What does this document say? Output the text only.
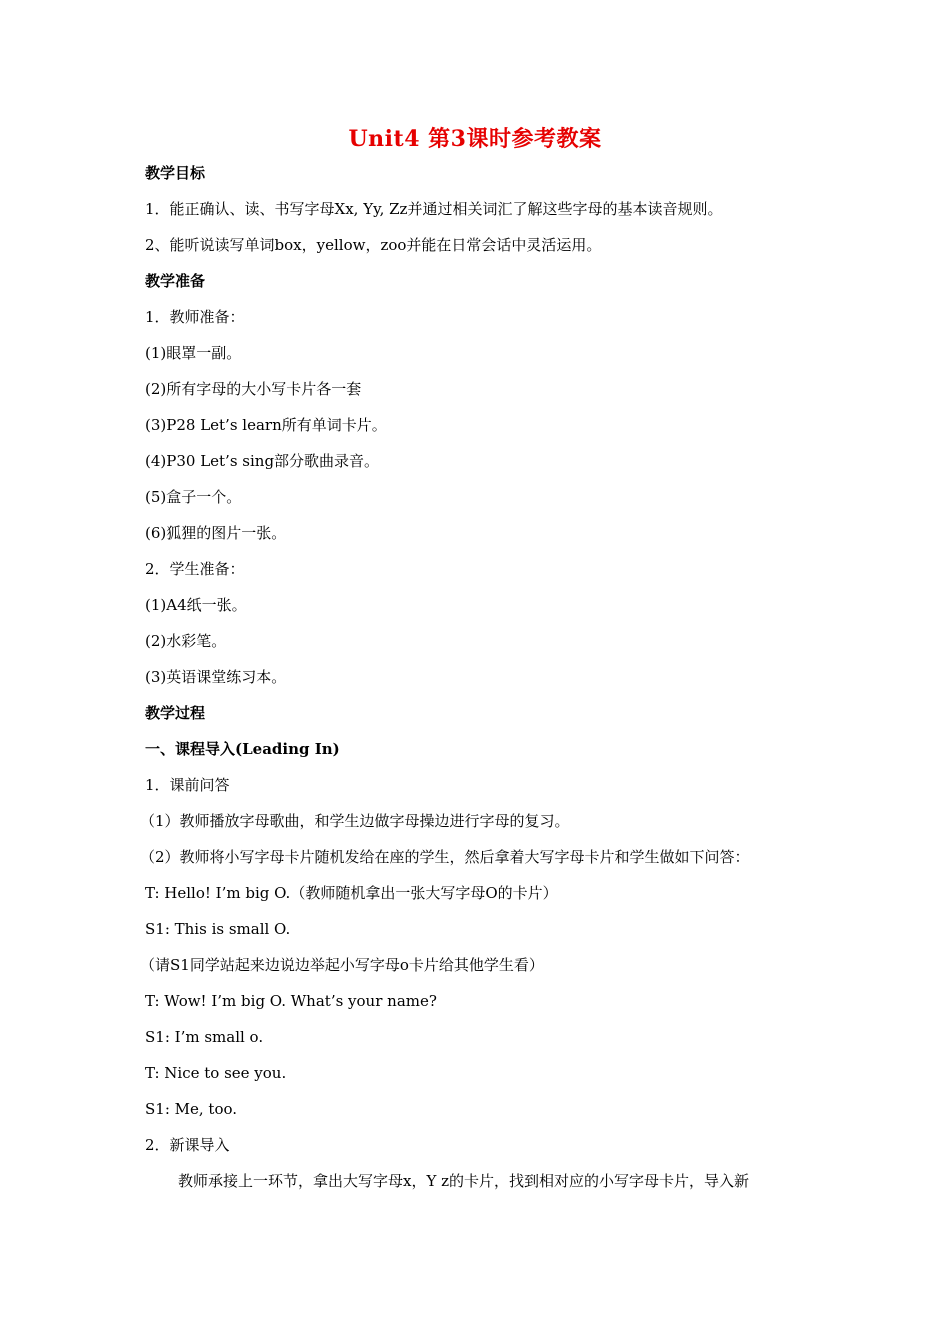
Unit4 第3课时参考教案
教学目标
1．能正确认、读、书写字母Xx, Yy, Zz并通过相关词汇了解这些字母的基本读音规则。
2、能听说读写单词box，yellow，zoo并能在日常会话中灵活运用。
教学准备
1．教师准备：
(1)眼罩一副。
(2)所有字母的大小写卡片各一套
(3)P28 Let’s learn所有单词卡片。
(4)P30 Let’s sing部分歌曲录音。
(5)盒子一个。
(6)狐狸的图片一张。
2．学生准备：
(1)A4纸一张。
(2)水彩笔。
(3)英语课堂练习本。
教学过程
一、课程导入(Leading In)
1．课前问答
（1）教师播放字母歌曲，和学生边做字母操边进行字母的复习。
（2）教师将小写字母卡片随机发给在座的学生，然后拿着大写字母卡片和学生做如下问答：
T: Hello! I’m big O.（教师随机拿出一张大写字母O的卡片）
S1: This is small O.
（请S1同学站起来边说边举起小写字母o卡片给其他学生看）
T: Wow! I’m big O. What’s your name?
S1: I’m small o.
T: Nice to see you.
S1: Me, too.
2．新课导入
教师承接上一环节，拿出大写字母x，Y z的卡片，找到相对应的小写字母卡片，导入新
